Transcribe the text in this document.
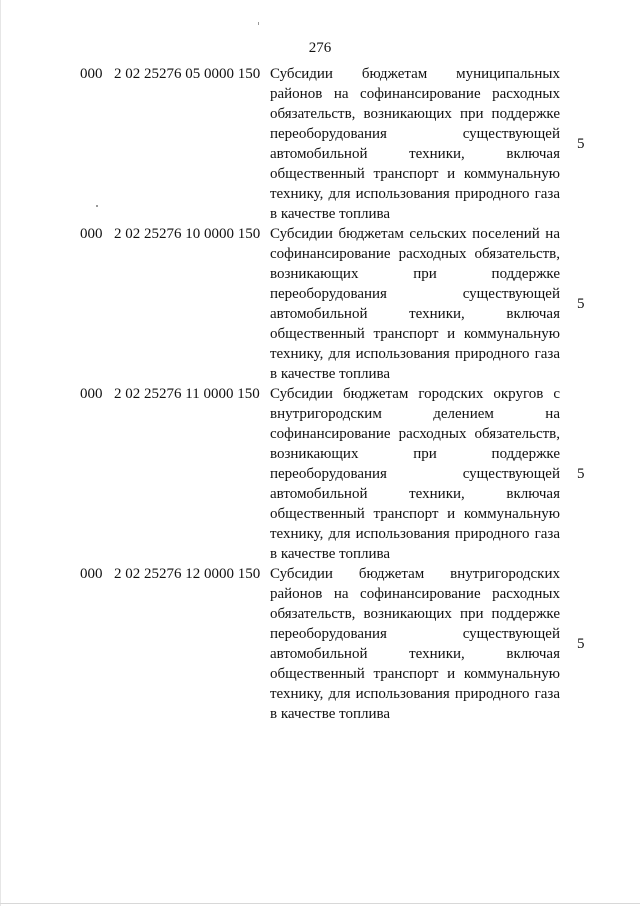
276
000 2 02 25276 05 0000 150 Субсидии бюджетам муниципальных районов на софинансирование расходных обязательств, возникающих при поддержке переоборудования существующей автомобильной техники, включая общественный транспорт и коммунальную технику, для использования природного газа в качестве топлива
5
000 2 02 25276 10 0000 150 Субсидии бюджетам сельских поселений на софинансирование расходных обязательств, возникающих при поддержке переоборудования существующей автомобильной техники, включая общественный транспорт и коммунальную технику, для использования природного газа в качестве топлива
5
000 2 02 25276 11 0000 150 Субсидии бюджетам городских округов с внутригородским делением на софинансирование расходных обязательств, возникающих при поддержке переоборудования существующей автомобильной техники, включая общественный транспорт и коммунальную технику, для использования природного газа в качестве топлива
5
000 2 02 25276 12 0000 150 Субсидии бюджетам внутригородских районов на софинансирование расходных обязательств, возникающих при поддержке переоборудования существующей автомобильной техники, включая общественный транспорт и коммунальную технику, для использования природного газа в качестве топлива
5
